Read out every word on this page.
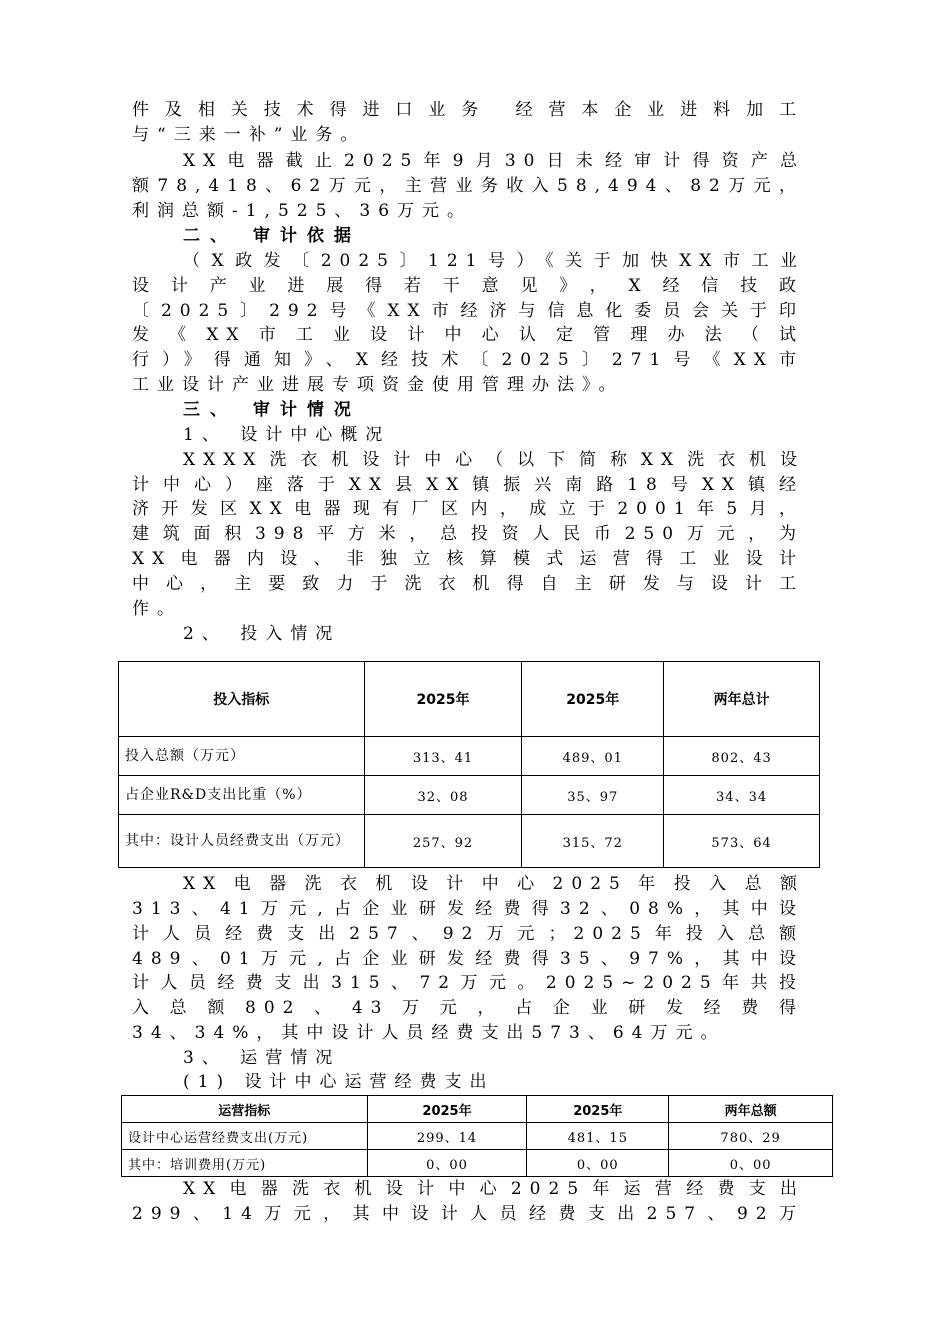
件及相关技术得进口业务 经营本企业进料加工
与“三来一补”业务。
XX电器截止2025年9月30日未经审计得资产总
额78,418、62万元，主营业务收入58,494、82万元，
利润总额-1,525、36万元。
二、 审计依据
（X政发〔2025〕121号）《关于加快XX市工业
设计产业进展得若干意见》，X经信技政
〔2025〕292号《XX市经济与信息化委员会关于印
发《XX市工业设计中心认定管理办法（试
行）》得通知》、X经技术〔2025〕271号《XX市
工业设计产业进展专项资金使用管理办法》。
三、 审计情况
1、 设计中心概况
XXXX洗衣机设计中心（以下简称XX洗衣机设
计中心）座落于XX县XX镇振兴南路18号XX镇经
济开发区XX电器现有厂区内，成立于2001年5月，
建筑面积398平方米，总投资人民币250万元，为
XX电器内设、非独立核算模式运营得工业设计
中心，主要致力于洗衣机得自主研发与设计工
作。
2、 投入情况
投入指标	2025年	2025年	两年总计
投入总额（万元）	313、41	489、01	802、43
占企业R&D支出比重（%）	32、08	35、97	34、34
其中：设计人员经费支出（万元）	257、92	315、72	573、64
XX电器洗衣机设计中心2025年投入总额
313、41万元,占企业研发经费得32、08%，其中设
计人员经费支出257、92万元；2025年投入总额
489、01万元,占企业研发经费得35、97%，其中设
计人员经费支出315、72万元。2025~2025年共投
入总额802、43万元，占企业研发经费得
34、34%，其中设计人员经费支出573、64万元。
3、 运营情况
(1) 设计中心运营经费支出
运营指标	2025年	2025年	两年总额
设计中心运营经费支出(万元)	299、14	481、15	780、29
其中：培训费用(万元)	0、00	0、00	0、00
XX电器洗衣机设计中心2025年运营经费支出
299、14万元，其中设计人员经费支出257、92万
